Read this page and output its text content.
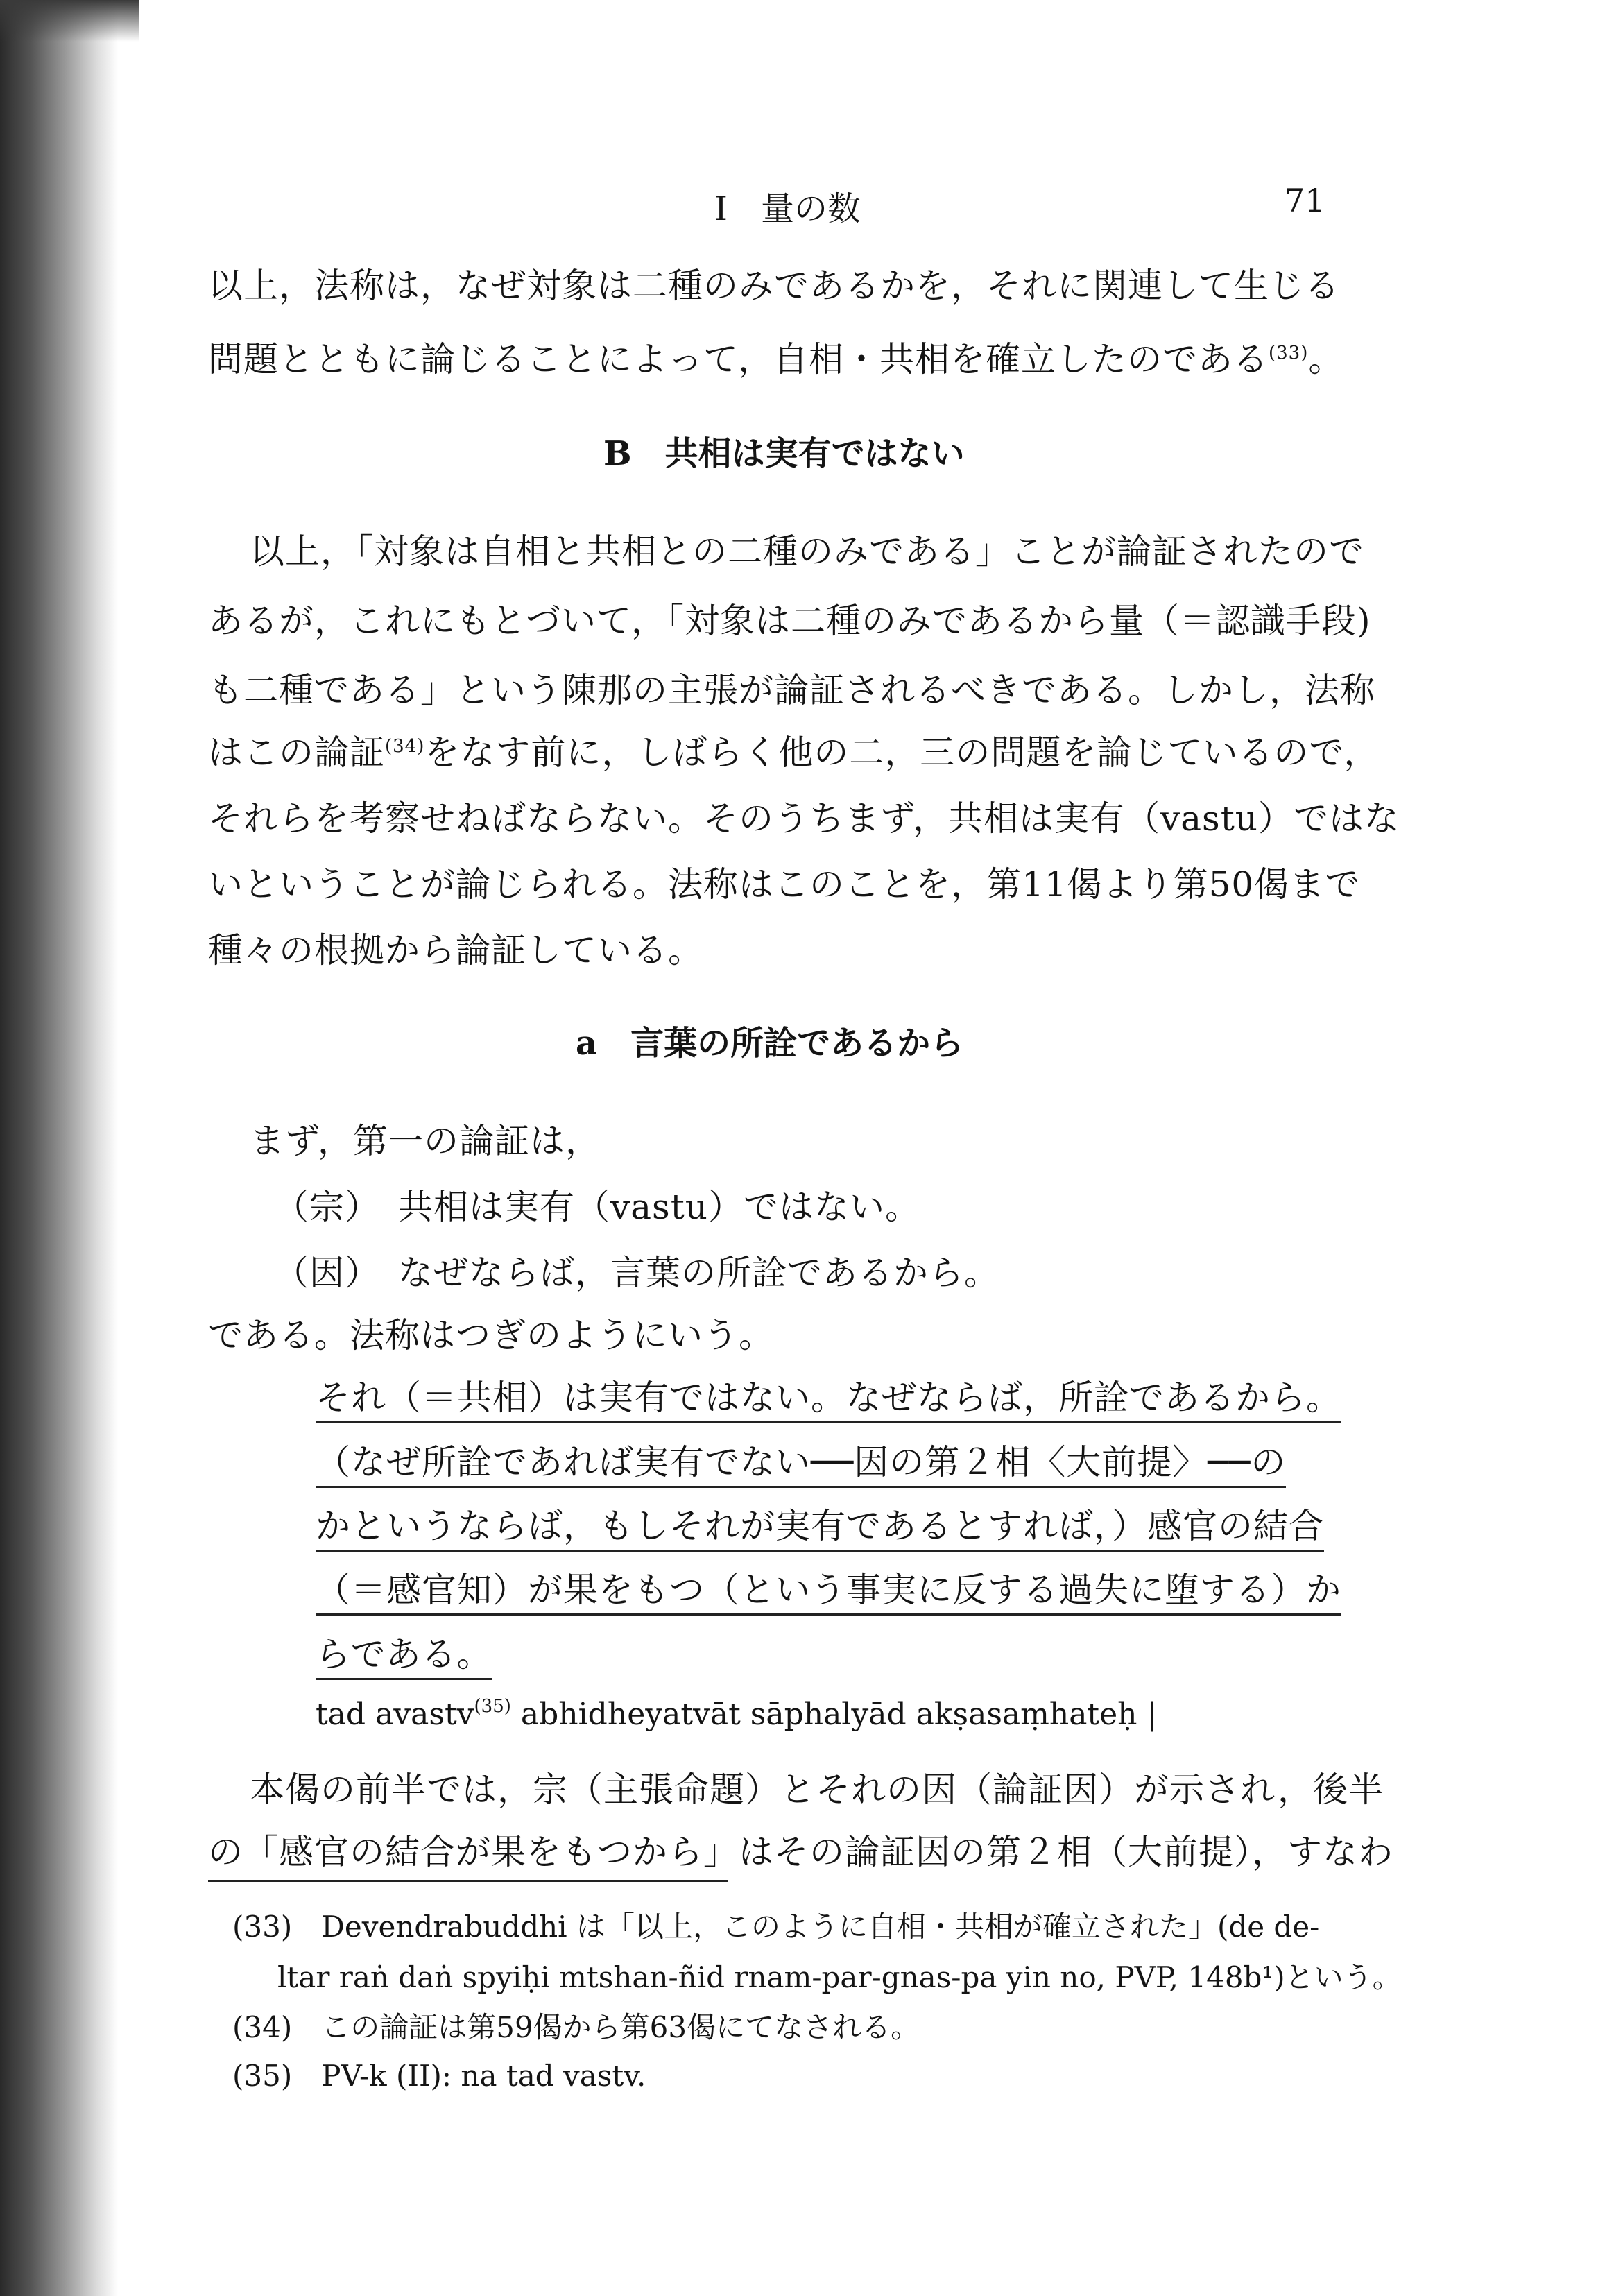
I　量の数	71
以上，法称は，なぜ対象は二種のみであるかを，それに関連して生じる
問題とともに論じることによって，自相・共相を確立したのである$^{(33)}$。
B　共相は実有ではない
以上，「対象は自相と共相との二種のみである」ことが論証されたので
あるが，これにもとづいて，「対象は二種のみであるから量（＝認識手段)
も二種である」という陳那の主張が論証されるべきである。しかし，法称
はこの論証$^{(34)}$をなす前に，しばらく他の二，三の問題を論じているので，
それらを考察せねばならない。そのうちまず，共相は実有（vastu）ではな
いということが論じられる。法称はこのことを，第11偈より第50偈まで
種々の根拠から論証している。
a　言葉の所詮であるから
まず，第一の論証は，
（宗）　共相は実有（vastu）ではない。
（因）　なぜならば，言葉の所詮であるから。
である。法称はつぎのようにいう。
それ（＝共相）は実有ではない。なぜならば，所詮であるから。
（なぜ所詮であれば実有でない──因の第２相〈大前提〉──の
かというならば，もしそれが実有であるとすれば，）感官の結合
（＝感官知）が果をもつ（という事実に反する過失に堕する）か
らである。
tad avastv$^{(35)}$ abhidheyatvāt sāphalyād akṣasaṃhateḥ |
本偈の前半では，宗（主張命題）とそれの因（論証因）が示され，後半
の「感官の結合が果をもつから」はその論証因の第２相（大前提），すなわ
(33)　 Devendrabuddhi は「以上，このように自相・共相が確立された」(de de-
ltar raṅ daṅ spyiḥi mtshan-ñid rnam-par-gnas-pa yin no, PVP, 148b¹)という。
(34)　 この論証は第59偈から第63偈にてなされる。
(35)　 PV-k (II): na tad vastv.
